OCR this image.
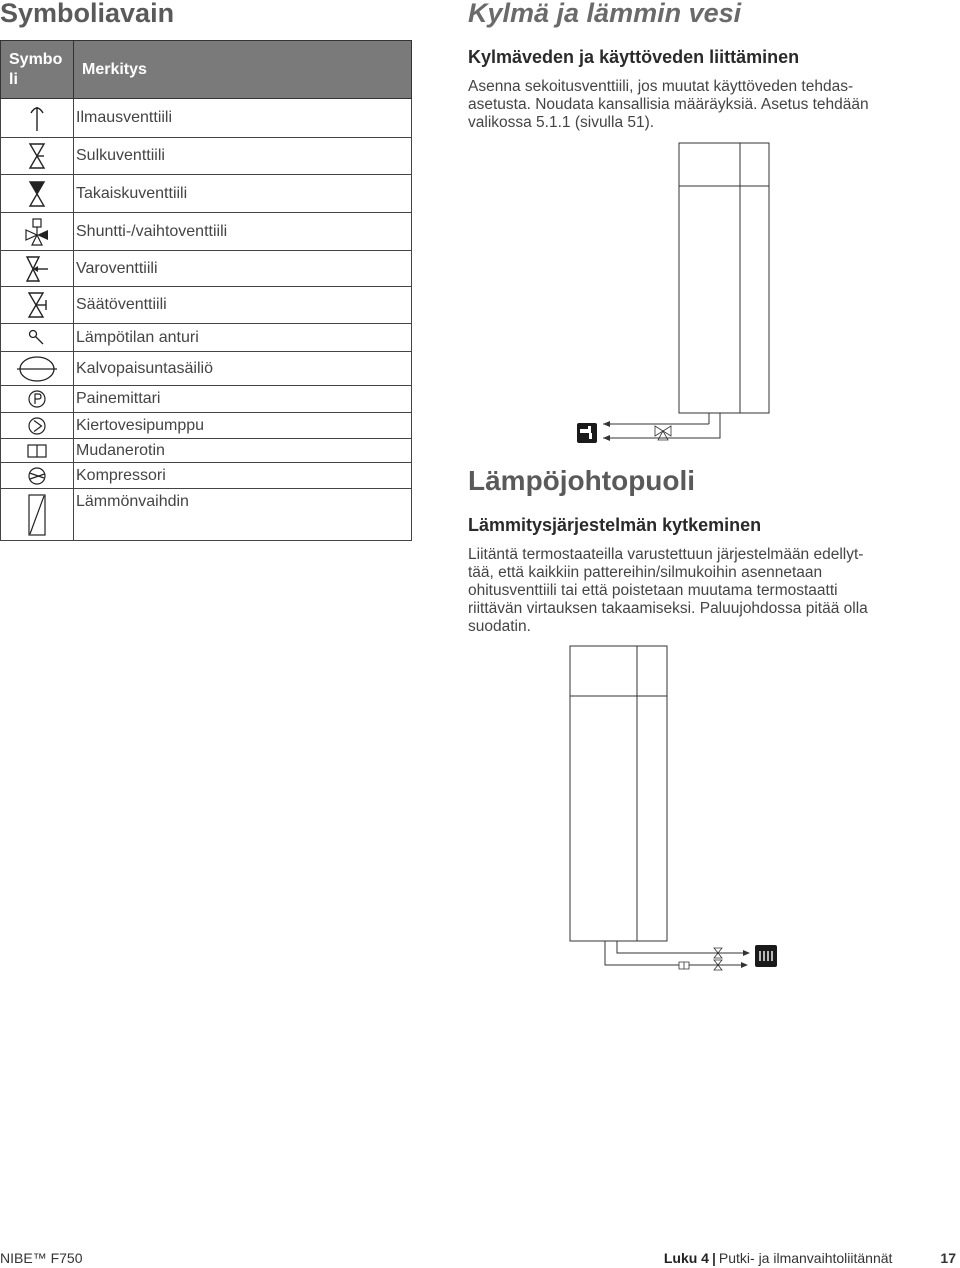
Symboliavain
Symboli	Merkitys

	Ilmausventtiili

	Sulkuventtiili

	Takaiskuventtiili

	Shuntti-/vaihtoventtiili

	Varoventtiili

	Säätöventtiili

	Lämpötilan anturi

	Kalvopaisuntasäiliö

	Painemittari

	Kiertovesipumppu

	Mudanerotin

	Kompressori

	Lämmönvaihdin
Kylmä ja lämmin vesi
Kylmäveden ja käyttöveden liittäminen
Asenna sekoitusventtiili, jos muutat käyttöveden tehdas-
asetusta. Noudata kansallisia määräyksiä. Asetus tehdään
valikossa 5.1.1 (sivulla 51).
Lämpöjohtopuoli
Lämmitysjärjestelmän kytkeminen
Liitäntä termostaateilla varustettuun järjestelmään edellyt-
tää, että kaikkiin pattereihin/silmukoihin asennetaan
ohitusventtiili tai että poistetaan muutama termostaatti
riittävän virtauksen takaamiseksi. Paluujohdossa pitää olla
suodatin.
NIBE™ F750	Luku 4 | Putki- ja ilmanvaihtoliitännät	17
